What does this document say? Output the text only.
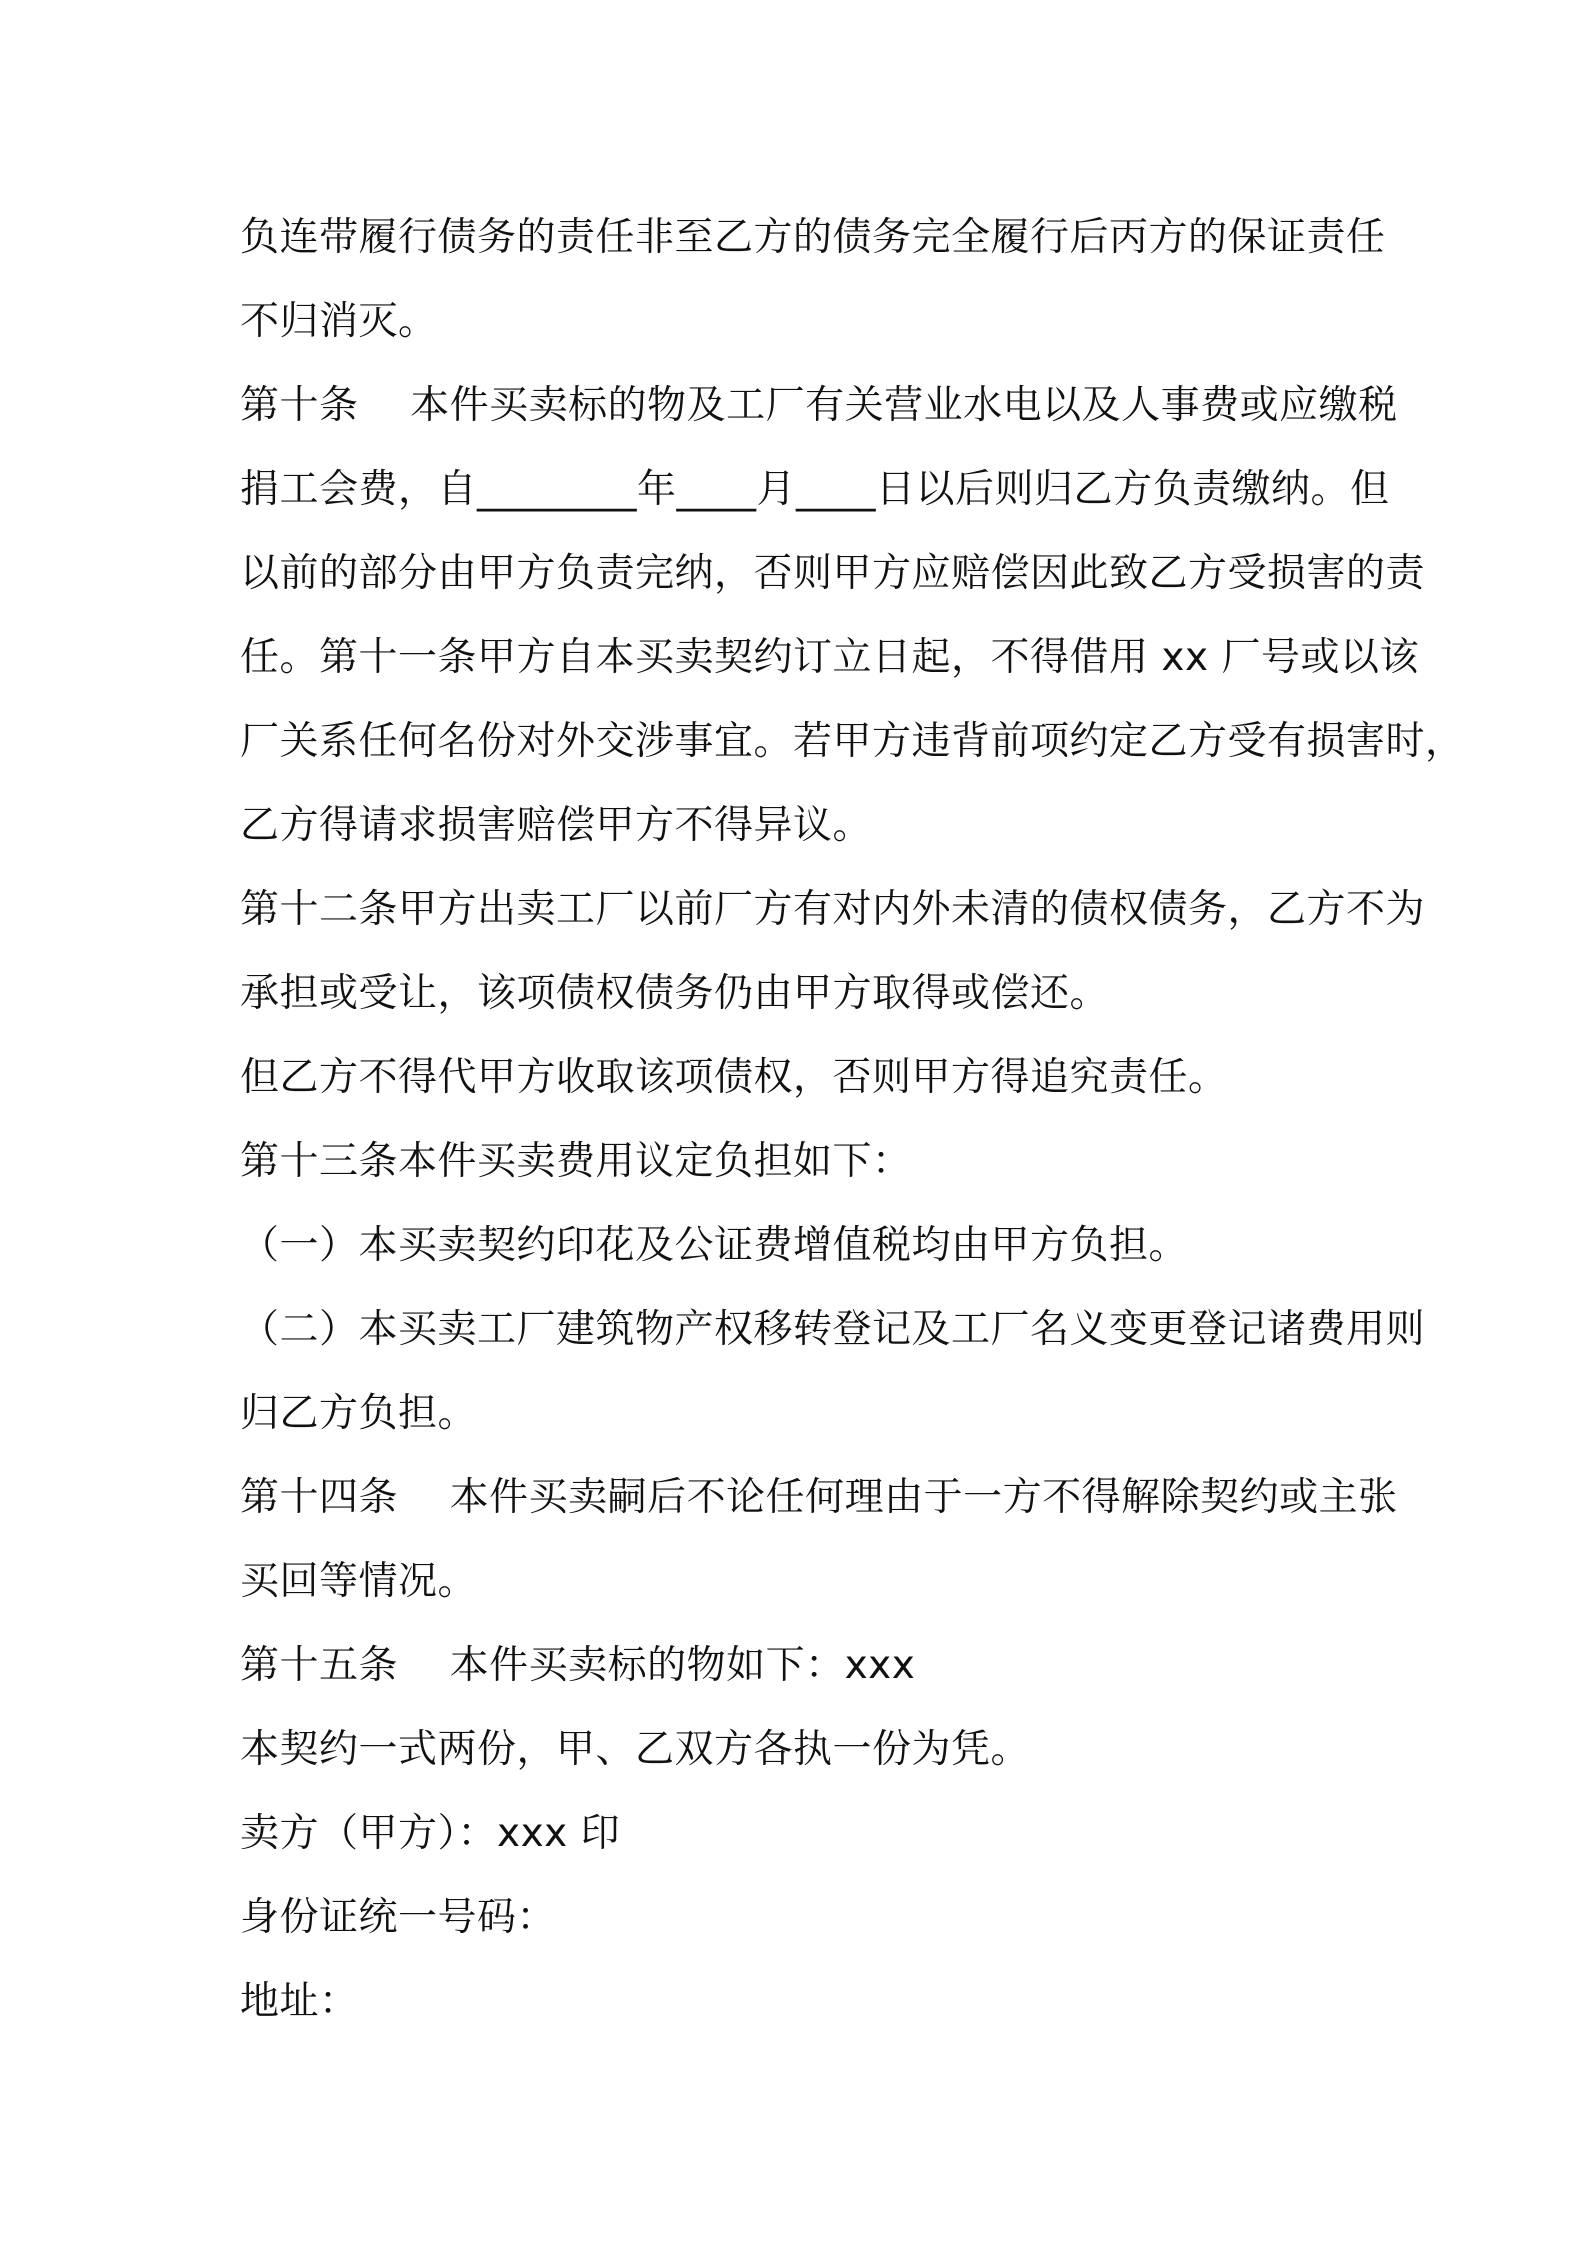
负连带履行债务的责任非至乙方的债务完全履行后丙方的保证责任
不归消灭。
第十条    本件买卖标的物及工厂有关营业水电以及人事费或应缴税
捐工会费，自________年____月____日以后则归乙方负责缴纳。但
以前的部分由甲方负责完纳，否则甲方应赔偿因此致乙方受损害的责
任。第十一条甲方自本买卖契约订立日起，不得借用 xx 厂号或以该
厂关系任何名份对外交涉事宜。若甲方违背前项约定乙方受有损害时，
乙方得请求损害赔偿甲方不得异议。
第十二条甲方出卖工厂以前厂方有对内外未清的债权债务，乙方不为
承担或受让，该项债权债务仍由甲方取得或偿还。
但乙方不得代甲方收取该项债权，否则甲方得追究责任。
第十三条本件买卖费用议定负担如下：
（一）本买卖契约印花及公证费增值税均由甲方负担。
（二）本买卖工厂建筑物产权移转登记及工厂名义变更登记诸费用则
归乙方负担。
第十四条    本件买卖嗣后不论任何理由于一方不得解除契约或主张
买回等情况。
第十五条    本件买卖标的物如下：xxx
本契约一式两份，甲、乙双方各执一份为凭。
卖方（甲方）：xxx 印
身份证统一号码：
地址：
